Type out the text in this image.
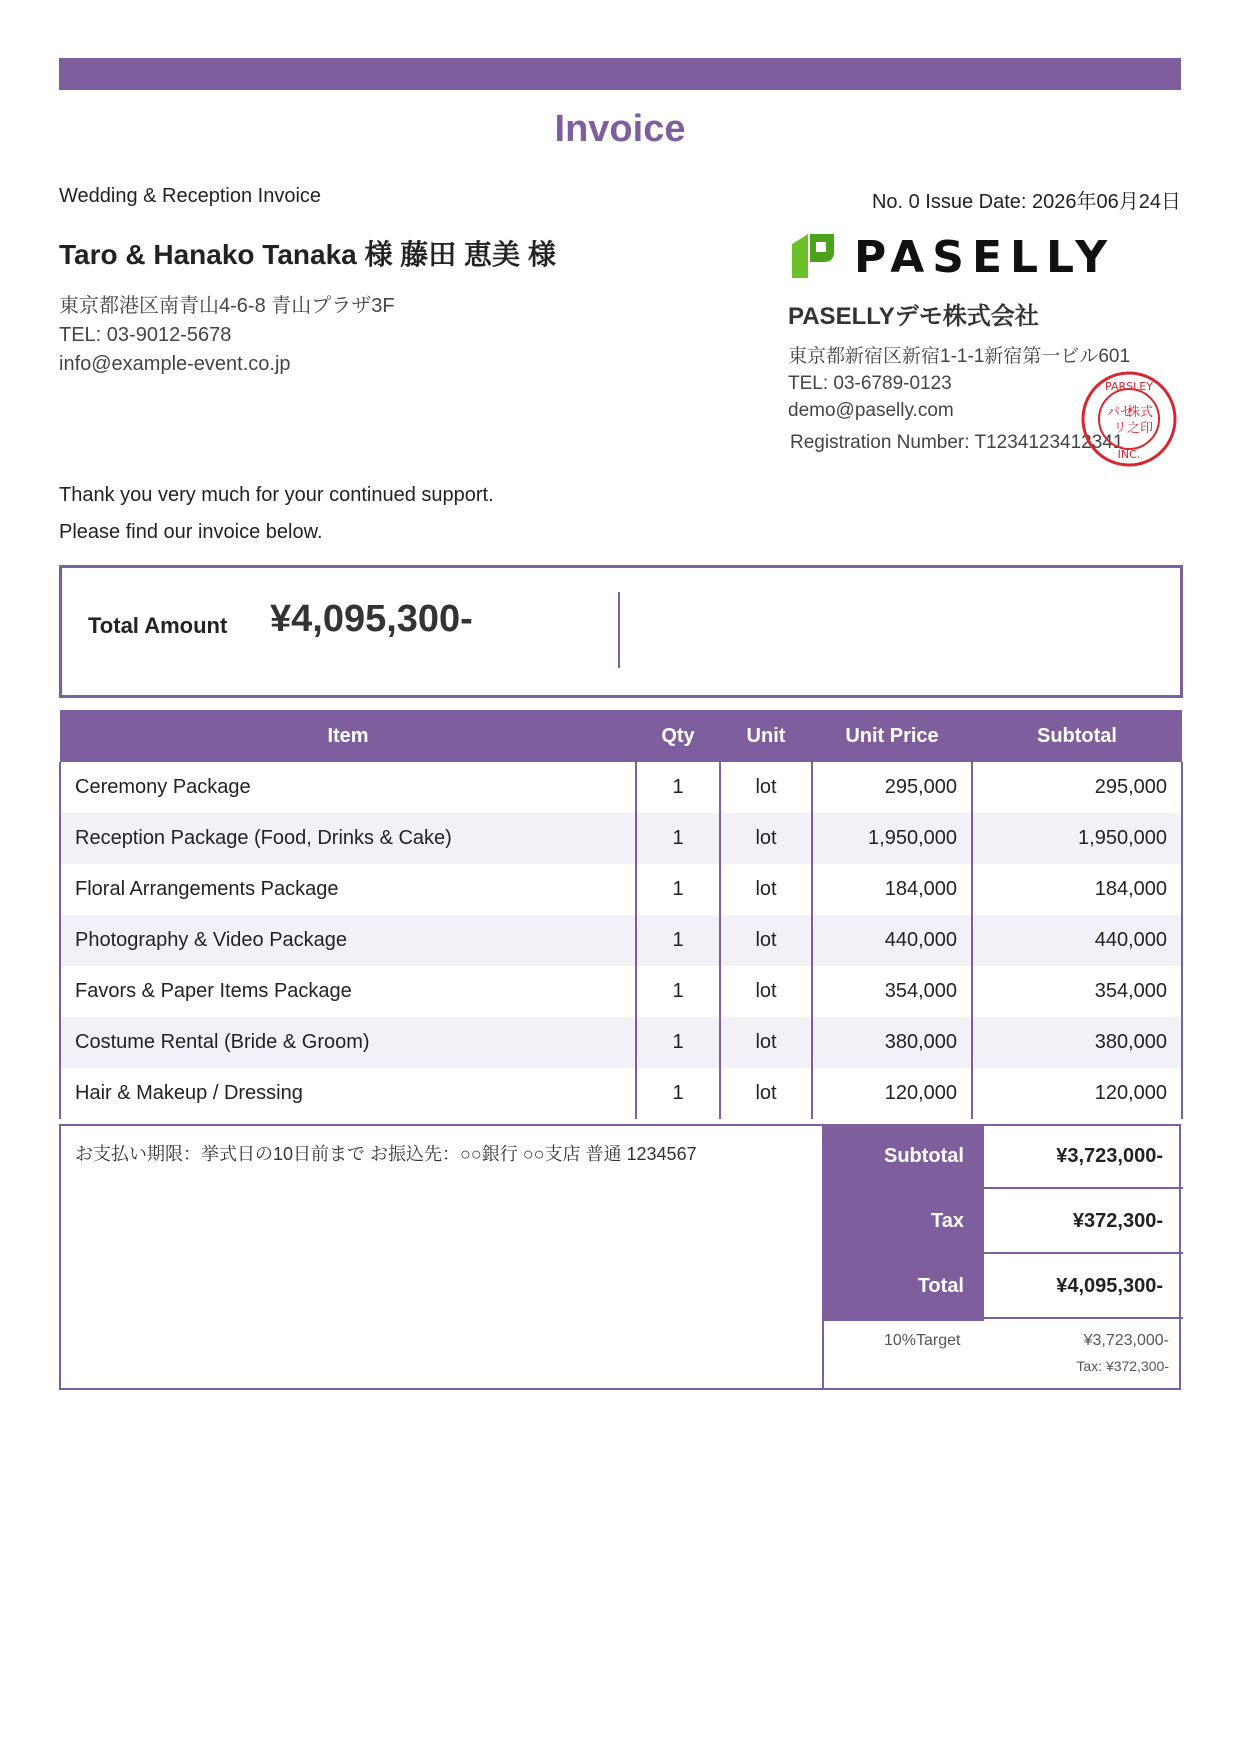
Invoice
Wedding & Reception Invoice	No. 0 Issue Date: 2026年06月24日
Taro & Hanako Tanaka 様 藤田 恵美 様
東京都港区南青山4-6-8 青山プラザ3F
TEL: 03-9012-5678
info@example-event.co.jp
PASELLY
PASELLYデモ株式会社
東京都新宿区新宿1-1-1新宿第一ビル601
TEL: 03-6789-0123
demo@paselly.com
Registration Number: T1234123412341
PARSLEY
INC.
パセ
リ
株式
之印
Thank you very much for your continued support.
Please find our invoice below.
Total Amount ¥4,095,300-
Item	Qty	Unit	Unit Price	Subtotal
Ceremony Package	1	lot	295,000	295,000
Reception Package (Food, Drinks & Cake)	1	lot	1,950,000	1,950,000
Floral Arrangements Package	1	lot	184,000	184,000
Photography & Video Package	1	lot	440,000	440,000
Favors & Paper Items Package	1	lot	354,000	354,000
Costume Rental (Bride & Groom)	1	lot	380,000	380,000
Hair & Makeup / Dressing	1	lot	120,000	120,000
お支払い期限：挙式日の10日前まで お振込先：○○銀行 ○○支店 普通 1234567	Subtotal	¥3,723,000-
Tax	¥372,300-
Total	¥4,095,300-
10%Target	¥3,723,000-
Tax: ¥372,300-
